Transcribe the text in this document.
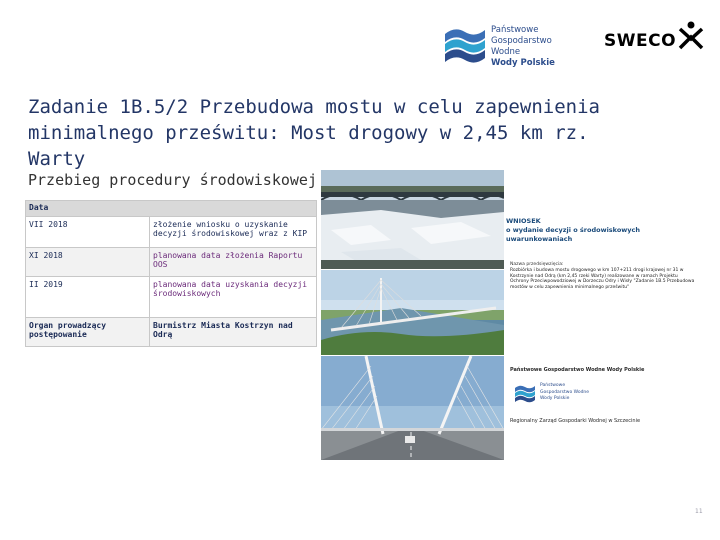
Państwowe
Gospodarstwo Wodne
Wody Polskie
SWECO
Zadanie 1B.5/2 Przebudowa mostu w celu zapewnienia
minimalnego prześwitu: Most drogowy w 2,45 km rz. Warty
Przebieg procedury środowiskowej
Data	
VII 2018	złożenie wniosku o uzyskanie decyzji środowiskowej wraz z KIP
XI 2018	planowana data złożenia Raportu OOS
II 2019	planowana data uzyskania decyzji środowiskowych
Organ prowadzący postępowanie	Burmistrz Miasta Kostrzyn nad Odrą
WNIOSEK
o wydanie decyzji o środowiskowych uwarunkowaniach
Nazwa przedsięwzięcia:
Rozbiórka i budowa mostu drogowego w km 107+211 drogi krajowej nr 31 w Kostrzynie nad Odrą (km 2,45 rzeki Warty) realizowane w ramach Projektu Ochrony Przeciwpowodziowej w Dorzeczu Odry i Wisły "Zadanie 1B.5 Przebudowa mostów w celu zapewnienia minimalnego prześwitu"
Państwowe Gospodarstwo Wodne Wody Polskie
Państwowe
Gospodarstwo Wodne
Wody Polskie
Regionalny Zarząd Gospodarki Wodnej w Szczecinie
11
